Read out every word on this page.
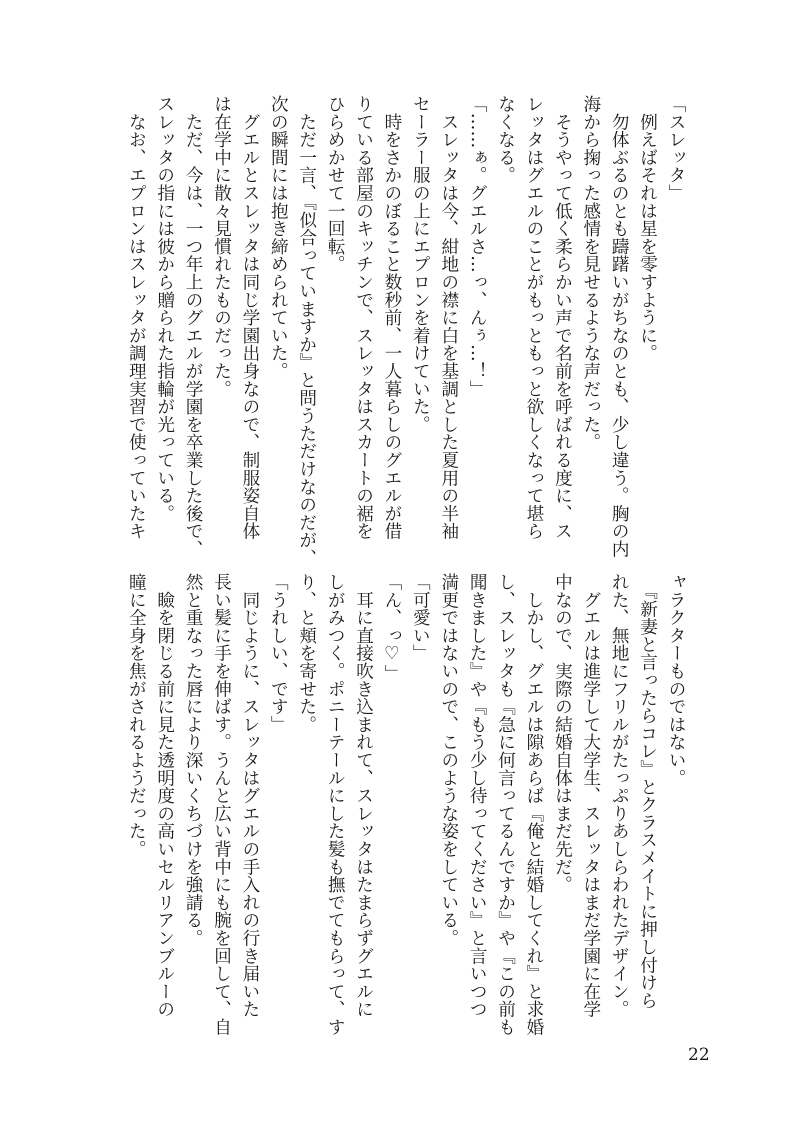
「スレッタ」
　例えばそれは星を零すように。
　勿体ぶるのとも躊躇いがちなのとも、少し違う。胸の内
海から掬った感情を見せるような声だった。
　そうやって低く柔らかい声で名前を呼ばれる度に、ス
レッタはグエルのことがもっともっと欲しくなって堪ら
なくなる。
「……ぁ。グエルさ…っ、んぅ…！」
　スレッタは今、紺地の襟に白を基調とした夏用の半袖
セーラー服の上にエプロンを着けていた。
　時をさかのぼること数秒前、一人暮らしのグエルが借
りている部屋のキッチンで、スレッタはスカートの裾を
ひらめかせて一回転。
　ただ一言、『似合っていますか』と問うただけなのだが、
次の瞬間には抱き締められていた。
　グエルとスレッタは同じ学園出身なので、制服姿自体
は在学中に散々見慣れたものだった。
　ただ、今は、一つ年上のグエルが学園を卒業した後で、
スレッタの指には彼から贈られた指輪が光っている。
　なお、エプロンはスレッタが調理実習で使っていたキ
ャラクターものではない。
　『新妻と言ったらコレ』とクラスメイトに押し付けら
れた、無地にフリルがたっぷりあしらわれたデザイン。
　グエルは進学して大学生、スレッタはまだ学園に在学
中なので、実際の結婚自体はまだ先だ。
　しかし、グエルは隙あらば『俺と結婚してくれ』と求婚
し、スレッタも『急に何言ってるんですか』や『この前も
聞きました』や『もう少し待ってください』と言いつつ
満更ではないので、このような姿をしている。
「可愛い」
「ん、っ♡」
　耳に直接吹き込まれて、スレッタはたまらずグエルに
しがみつく。ポニーテールにした髪も撫でてもらって、す
り、と頬を寄せた。
「うれしい、です」
　同じように、スレッタはグエルの手入れの行き届いた
長い髪に手を伸ばす。うんと広い背中にも腕を回して、自
然と重なった唇により深いくちづけを強請る。
　瞼を閉じる前に見た透明度の高いセルリアンブルーの
瞳に全身を焦がされるようだった。
22
